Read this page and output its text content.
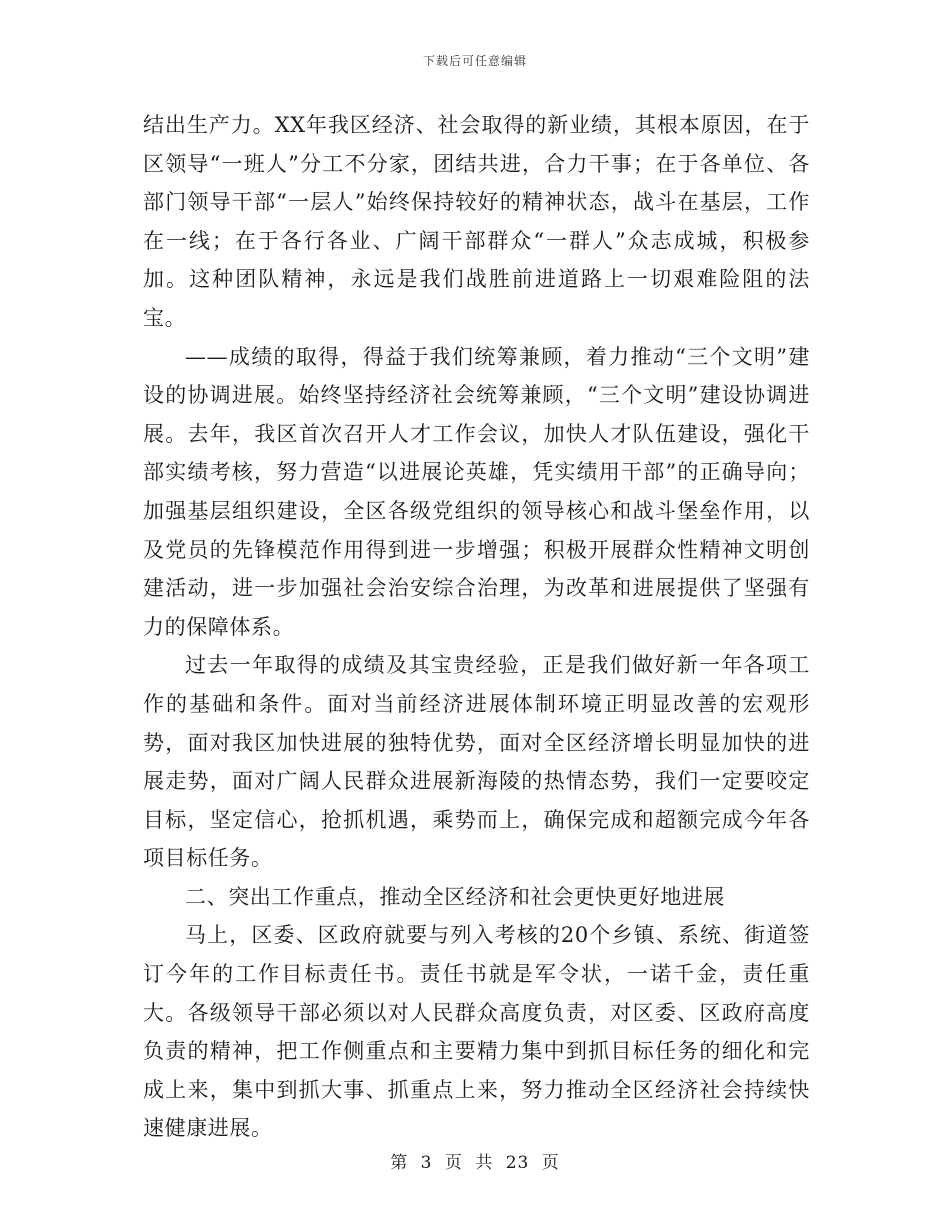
下载后可任意编辑

结出生产力。XX年我区经济、社会取得的新业绩，其根本原因，在于区领导“一班人”分工不分家，团结共进，合力干事；在于各单位、各部门领导干部“一层人”始终保持较好的精神状态，战斗在基层，工作在一线；在于各行各业、广阔干部群众“一群人”众志成城，积极参加。这种团队精神，永远是我们战胜前进道路上一切艰难险阻的法宝。

——成绩的取得，得益于我们统筹兼顾，着力推动“三个文明”建设的协调进展。始终坚持经济社会统筹兼顾，“三个文明”建设协调进展。去年，我区首次召开人才工作会议，加快人才队伍建设，强化干部实绩考核，努力营造“以进展论英雄，凭实绩用干部”的正确导向；加强基层组织建设，全区各级党组织的领导核心和战斗堡垒作用，以及党员的先锋模范作用得到进一步增强；积极开展群众性精神文明创建活动，进一步加强社会治安综合治理，为改革和进展提供了坚强有力的保障体系。

过去一年取得的成绩及其宝贵经验，正是我们做好新一年各项工作的基础和条件。面对当前经济进展体制环境正明显改善的宏观形势，面对我区加快进展的独特优势，面对全区经济增长明显加快的进展走势，面对广阔人民群众进展新海陵的热情态势，我们一定要咬定目标，坚定信心，抢抓机遇，乘势而上，确保完成和超额完成今年各项目标任务。

二、突出工作重点，推动全区经济和社会更快更好地进展

马上，区委、区政府就要与列入考核的20个乡镇、系统、街道签订今年的工作目标责任书。责任书就是军令状，一诺千金，责任重大。各级领导干部必须以对人民群众高度负责，对区委、区政府高度负责的精神，把工作侧重点和主要精力集中到抓目标任务的细化和完成上来，集中到抓大事、抓重点上来，努力推动全区经济社会持续快速健康进展。

第 3 页 共 23 页
